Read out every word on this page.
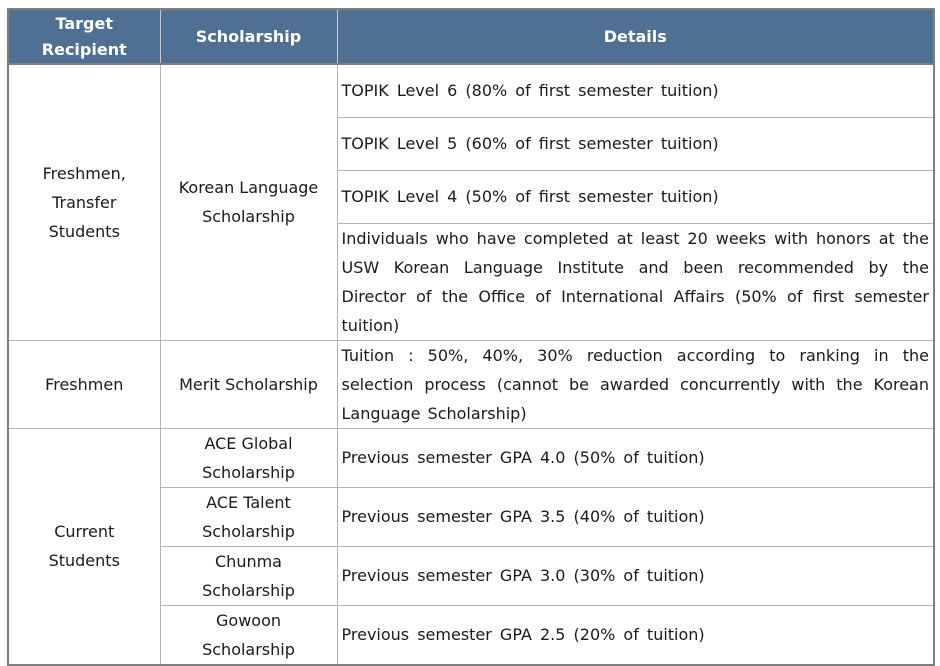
Target Recipient	Scholarship	Details
Freshmen, Transfer Students	Korean Language Scholarship	TOPIK Level 6 (80% of first semester tuition)
		TOPIK Level 5 (60% of first semester tuition)
		TOPIK Level 4 (50% of first semester tuition)
		Individuals who have completed at least 20 weeks with honors at the USW Korean Language Institute and been recommended by the Director of the Office of International Affairs (50% of first semester tuition)
Freshmen	Merit Scholarship	Tuition : 50%, 40%, 30% reduction according to ranking in the selection process (cannot be awarded concurrently with the Korean Language Scholarship)
Current Students	ACE Global Scholarship	Previous semester GPA 4.0 (50% of tuition)
	ACE Talent Scholarship	Previous semester GPA 3.5 (40% of tuition)
	Chunma Scholarship	Previous semester GPA 3.0 (30% of tuition)
	Gowoon Scholarship	Previous semester GPA 2.5 (20% of tuition)
